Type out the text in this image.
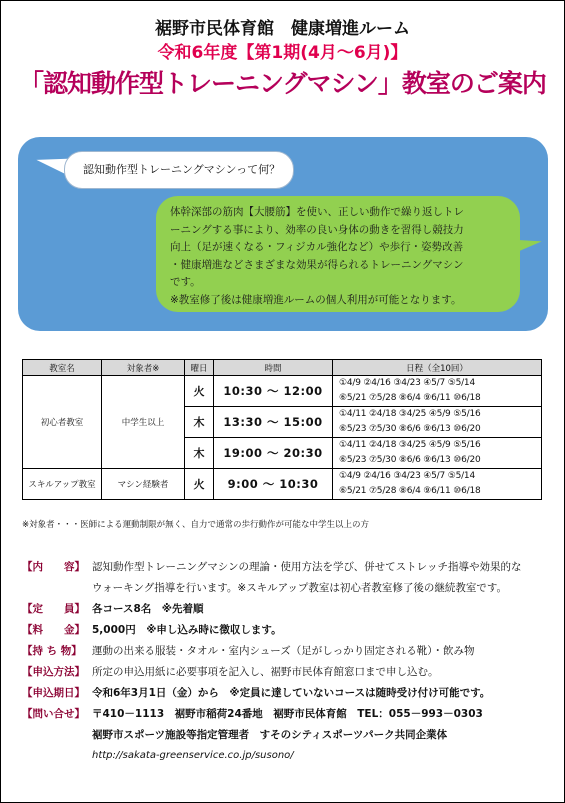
裾野市民体育館　健康増進ルーム
令和6年度【第1期(4月～6月)】
「認知動作型トレーニングマシン」教室のご案内
認知動作型トレーニングマシンって何？
体幹深部の筋肉【大腰筋】を使い、正しい動作で繰り返しトレ
ーニングする事により、効率の良い身体の動きを習得し競技力
向上（足が速くなる・フィジカル強化など）や歩行・姿勢改善
・健康増進などさまざまな効果が得られるトレーニングマシン
です。
※教室修了後は健康増進ルームの個人利用が可能となります。
教室名	対象者※	曜日	時間	日程（全10回）
初心者教室	中学生以上	火	10:30 ～ 12:00	①4/9 ②4/16 ③4/23 ④5/7 ⑤5/14
⑥5/21 ⑦5/28 ⑧6/4 ⑨6/11 ⑩6/18

		木	13:30 ～ 15:00	①4/11 ②4/18 ③4/25 ④5/9 ⑤5/16
⑥5/23 ⑦5/30 ⑧6/6 ⑨6/13 ⑩6/20

		木	19:00 ～ 20:30	①4/11 ②4/18 ③4/25 ④5/9 ⑤5/16
⑥5/23 ⑦5/30 ⑧6/6 ⑨6/13 ⑩6/20

スキルアップ教室	マシン経験者	火	9:00 ～ 10:30	①4/9 ②4/16 ③4/23 ④5/7 ⑤5/14
⑥5/21 ⑦5/28 ⑧6/4 ⑨6/11 ⑩6/18
※対象者・・・医師による運動制限が無く、自力で通常の歩行動作が可能な中学生以上の方
【内　　容】 認知動作型トレーニングマシンの理論・使用方法を学び、併せてストレッチ指導や効果的な
ウォーキング指導を行います。※スキルアップ教室は初心者教室修了後の継続教室です。
【定　　員】 各コース8名　※先着順
【料　　金】 5,000円　※申し込み時に徴収します。
【持 ち 物】 運動の出来る服装・タオル・室内シューズ（足がしっかり固定される靴）・飲み物
【申込方法】 所定の申込用紙に必要事項を記入し、裾野市民体育館窓口まで申し込む。
【申込期日】 令和6年3月1日（金）から　※定員に達していないコースは随時受け付け可能です。
【問い合せ】 〒410－1113　裾野市稲荷24番地　裾野市民体育館　TEL：055－993－0303
裾野市スポーツ施設等指定管理者　すそのシティスポーツパーク共同企業体
http://sakata-greenservice.co.jp/susono/
